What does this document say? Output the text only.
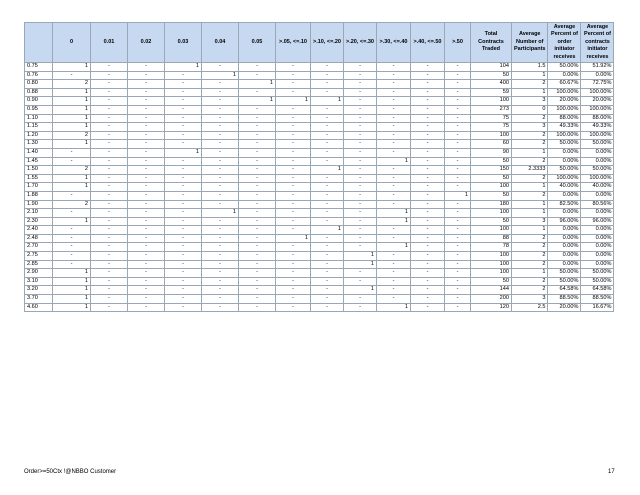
	0	0.01	0.02	0.03	0.04	0.05	>.05, <=.10	>.10, <=.20	>.20, <=.30	>.30, <=.40	>.40, <=.50	>.50	Total Contracts Traded	Average Number of Participants	Average Percent of order initiator receives	Average Percent of contracts initiator receives
0.75	1	-	-	1	-	-	-	-	-	-	-	-	104	1.5	50.00%	51.92%
0.76	-	-	-	-	1	-	-	-	-	-	-	-	50	1	0.00%	0.00%
0.80	2	-	-	-	-	1	-	-	-	-	-	-	400	2	60.67%	72.75%
0.88	1	-	-	-	-	-	-	-	-	-	-	-	59	1	100.00%	100.00%
0.90	1	-	-	-	-	1	1	1	-	-	-	-	100	3	20.00%	20.00%
0.95	1	-	-	-	-	-	-	-	-	-	-	-	273	0	100.00%	100.00%
1.10	1	-	-	-	-	-	-	-	-	-	-	-	75	2	88.00%	88.00%
1.15	1	-	-	-	-	-	-	-	-	-	-	-	75	3	49.33%	49.33%
1.20	2	-	-	-	-	-	-	-	-	-	-	-	100	2	100.00%	100.00%
1.30	1	-	-	-	-	-	-	-	-	-	-	-	60	2	50.00%	50.00%
1.40	-	-	-	1	-	-	-	-	-	-	-	-	90	1	0.00%	0.00%
1.45	-	-	-	-	-	-	-	-	-	1	-	-	50	2	0.00%	0.00%
1.50	2	-	-	-	-	-	-	1	-	-	-	-	150	2.3333	50.00%	50.00%
1.55	1	-	-	-	-	-	-	-	-	-	-	-	50	2	100.00%	100.00%
1.70	1	-	-	-	-	-	-	-	-	-	-	-	100	1	40.00%	40.00%
1.88	-	-	-	-	-	-	-	-	-	-	-	1	50	2	0.00%	0.00%
1.90	2	-	-	-	-	-	-	-	-	-	-	-	180	1	82.50%	80.56%
2.10	-	-	-	-	1	-	-	-	-	1	-	-	100	1	0.00%	0.00%
2.30	1	-	-	-	-	-	-	-	-	1	-	-	50	3	96.00%	96.00%
2.40	-	-	-	-	-	-	-	1	-	-	-	-	100	1	0.00%	0.00%
2.48	-	-	-	-	-	-	1	-	-	-	-	-	88	2	0.00%	0.00%
2.70	-	-	-	-	-	-	-	-	-	1	-	-	78	2	0.00%	0.00%
2.75	-	-	-	-	-	-	-	-	1	-	-	-	100	2	0.00%	0.00%
2.85	-	-	-	-	-	-	-	-	1	-	-	-	100	2	0.00%	0.00%
2.90	1	-	-	-	-	-	-	-	-	-	-	-	100	1	50.00%	50.00%
3.10	1	-	-	-	-	-	-	-	-	-	-	-	50	2	50.00%	50.00%
3.20	1	-	-	-	-	-	-	-	1	-	-	-	144	2	64.58%	64.58%
3.70	1	-	-	-	-	-	-	-	-	-	-	-	200	3	88.50%	88.50%
4.60	1	-	-	-	-	-	-	-	-	1	-	-	120	2.5	20.00%	16.67%
Order>=50Ctx !@NBBO Customer	17
